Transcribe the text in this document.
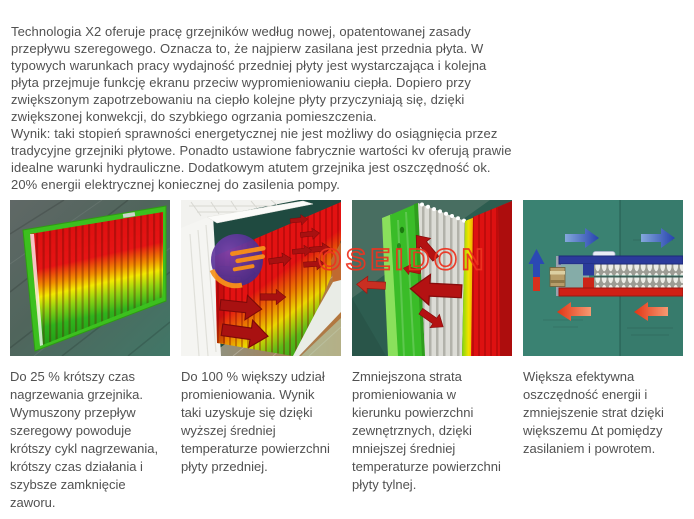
Technologia X2 oferuje pracę grzejników według nowej, opatentowanej zasady
przepływu szeregowego. Oznacza to, że najpierw zasilana jest przednia płyta. W
typowych warunkach pracy wydajność przedniej płyty jest wystarczająca i kolejna
płyta przejmuje funkcję ekranu przeciw wypromieniowaniu ciepła. Dopiero przy
zwiększonym zapotrzebowaniu na ciepło kolejne płyty przyczyniają się, dzięki
zwiększonej konwekcji, do szybkiego ogrzania pomieszczenia.
Wynik: taki stopień sprawności energetycznej nie jest możliwy do osiągnięcia przez
tradycyjne grzejniki płytowe. Ponadto ustawione fabrycznie wartości kv oferują prawie
idealne warunki hydrauliczne. Dodatkowym atutem grzejnika jest oszczędność ok.
20% energii elektrycznej koniecznej do zasilenia pompy.
OSEIDON
Do 25 % krótszy czas
nagrzewania grzejnika.
Wymuszony przepływ
szeregowy powoduje
krótszy cykl nagrzewania,
krótszy czas działania i
szybsze zamknięcie
zaworu.
Do 100 % większy udział
promieniowania. Wynik
taki uzyskuje się dzięki
wyższej średniej
temperaturze powierzchni
płyty przedniej.
Zmniejszona strata
promieniowania w
kierunku powierzchni
zewnętrznych, dzięki
mniejszej średniej
temperaturze powierzchni
płyty tylnej.
Większa efektywna
oszczędność energii i
zmniejszenie strat dzięki
większemu Δt pomiędzy
zasilaniem i powrotem.
